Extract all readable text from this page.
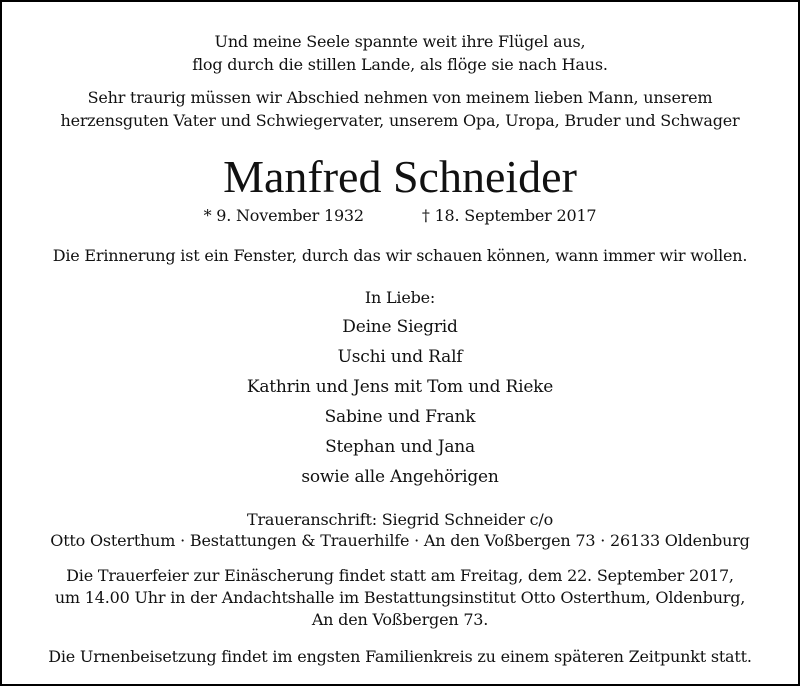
Und meine Seele spannte weit ihre Flügel aus,
flog durch die stillen Lande, als flöge sie nach Haus.
Sehr traurig müssen wir Abschied nehmen von meinem lieben Mann, unserem
herzensguten Vater und Schwiegervater, unserem Opa, Uropa, Bruder und Schwager
Manfred Schneider
* 9. November 1932	† 18. September 2017
Die Erinnerung ist ein Fenster, durch das wir schauen können, wann immer wir wollen.
In Liebe:
Deine Siegrid
Uschi und Ralf
Kathrin und Jens mit Tom und Rieke
Sabine und Frank
Stephan und Jana
sowie alle Angehörigen
Traueranschrift: Siegrid Schneider c/o
Otto Osterthum · Bestattungen & Trauerhilfe · An den Voßbergen 73 · 26133 Oldenburg
Die Trauerfeier zur Einäscherung findet statt am Freitag, dem 22. September 2017,
um 14.00 Uhr in der Andachtshalle im Bestattungsinstitut Otto Osterthum, Oldenburg,
An den Voßbergen 73.
Die Urnenbeisetzung findet im engsten Familienkreis zu einem späteren Zeitpunkt statt.
